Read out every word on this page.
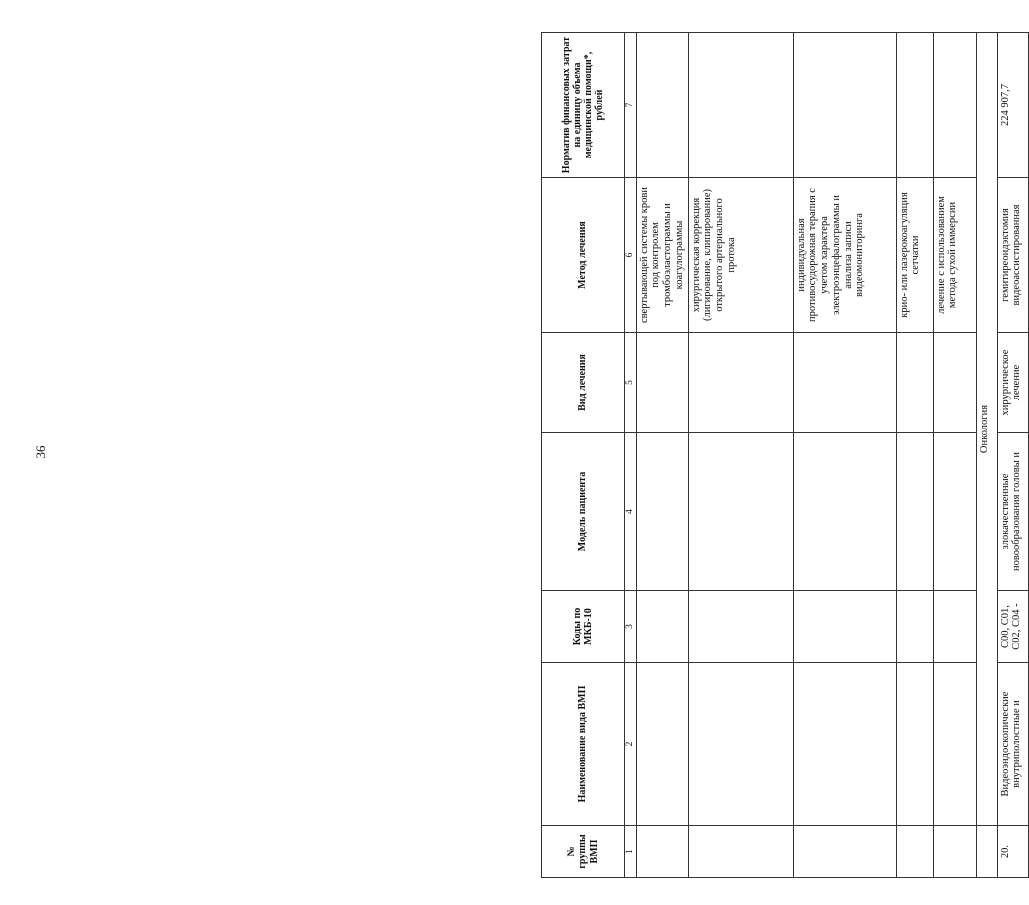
36
№ группы ВМП	Наименование вида ВМП	Коды по МКБ-10	Модель пациента	Вид лечения	Метод лечения	Норматив финансовых затрат на единицу объема медицинской помощи*, рублей
1	2	3	4	5	6	7
					свертывающей системы крови под контролем тромбоэластограммы и коагулограммы	
					хирургическая коррекция (лигирование, клипирование) открытого артериального протока	
					индивидуальная противосудорожная терапия с учетом характера электроэнцефалограммы и анализа записи видеомониторинга	
					крио- или лазерокоагуляция сетчатки	
					лечение с использованием метода сухой иммерсии	
	Онкология					
20.	Видеоэндоскопические внутриполостные и	C00, C01, C02, C04 -	злокачественные новообразования головы и	хирургическое лечение	гемитиреоидэктомия видеоассистированная	224 907,7
